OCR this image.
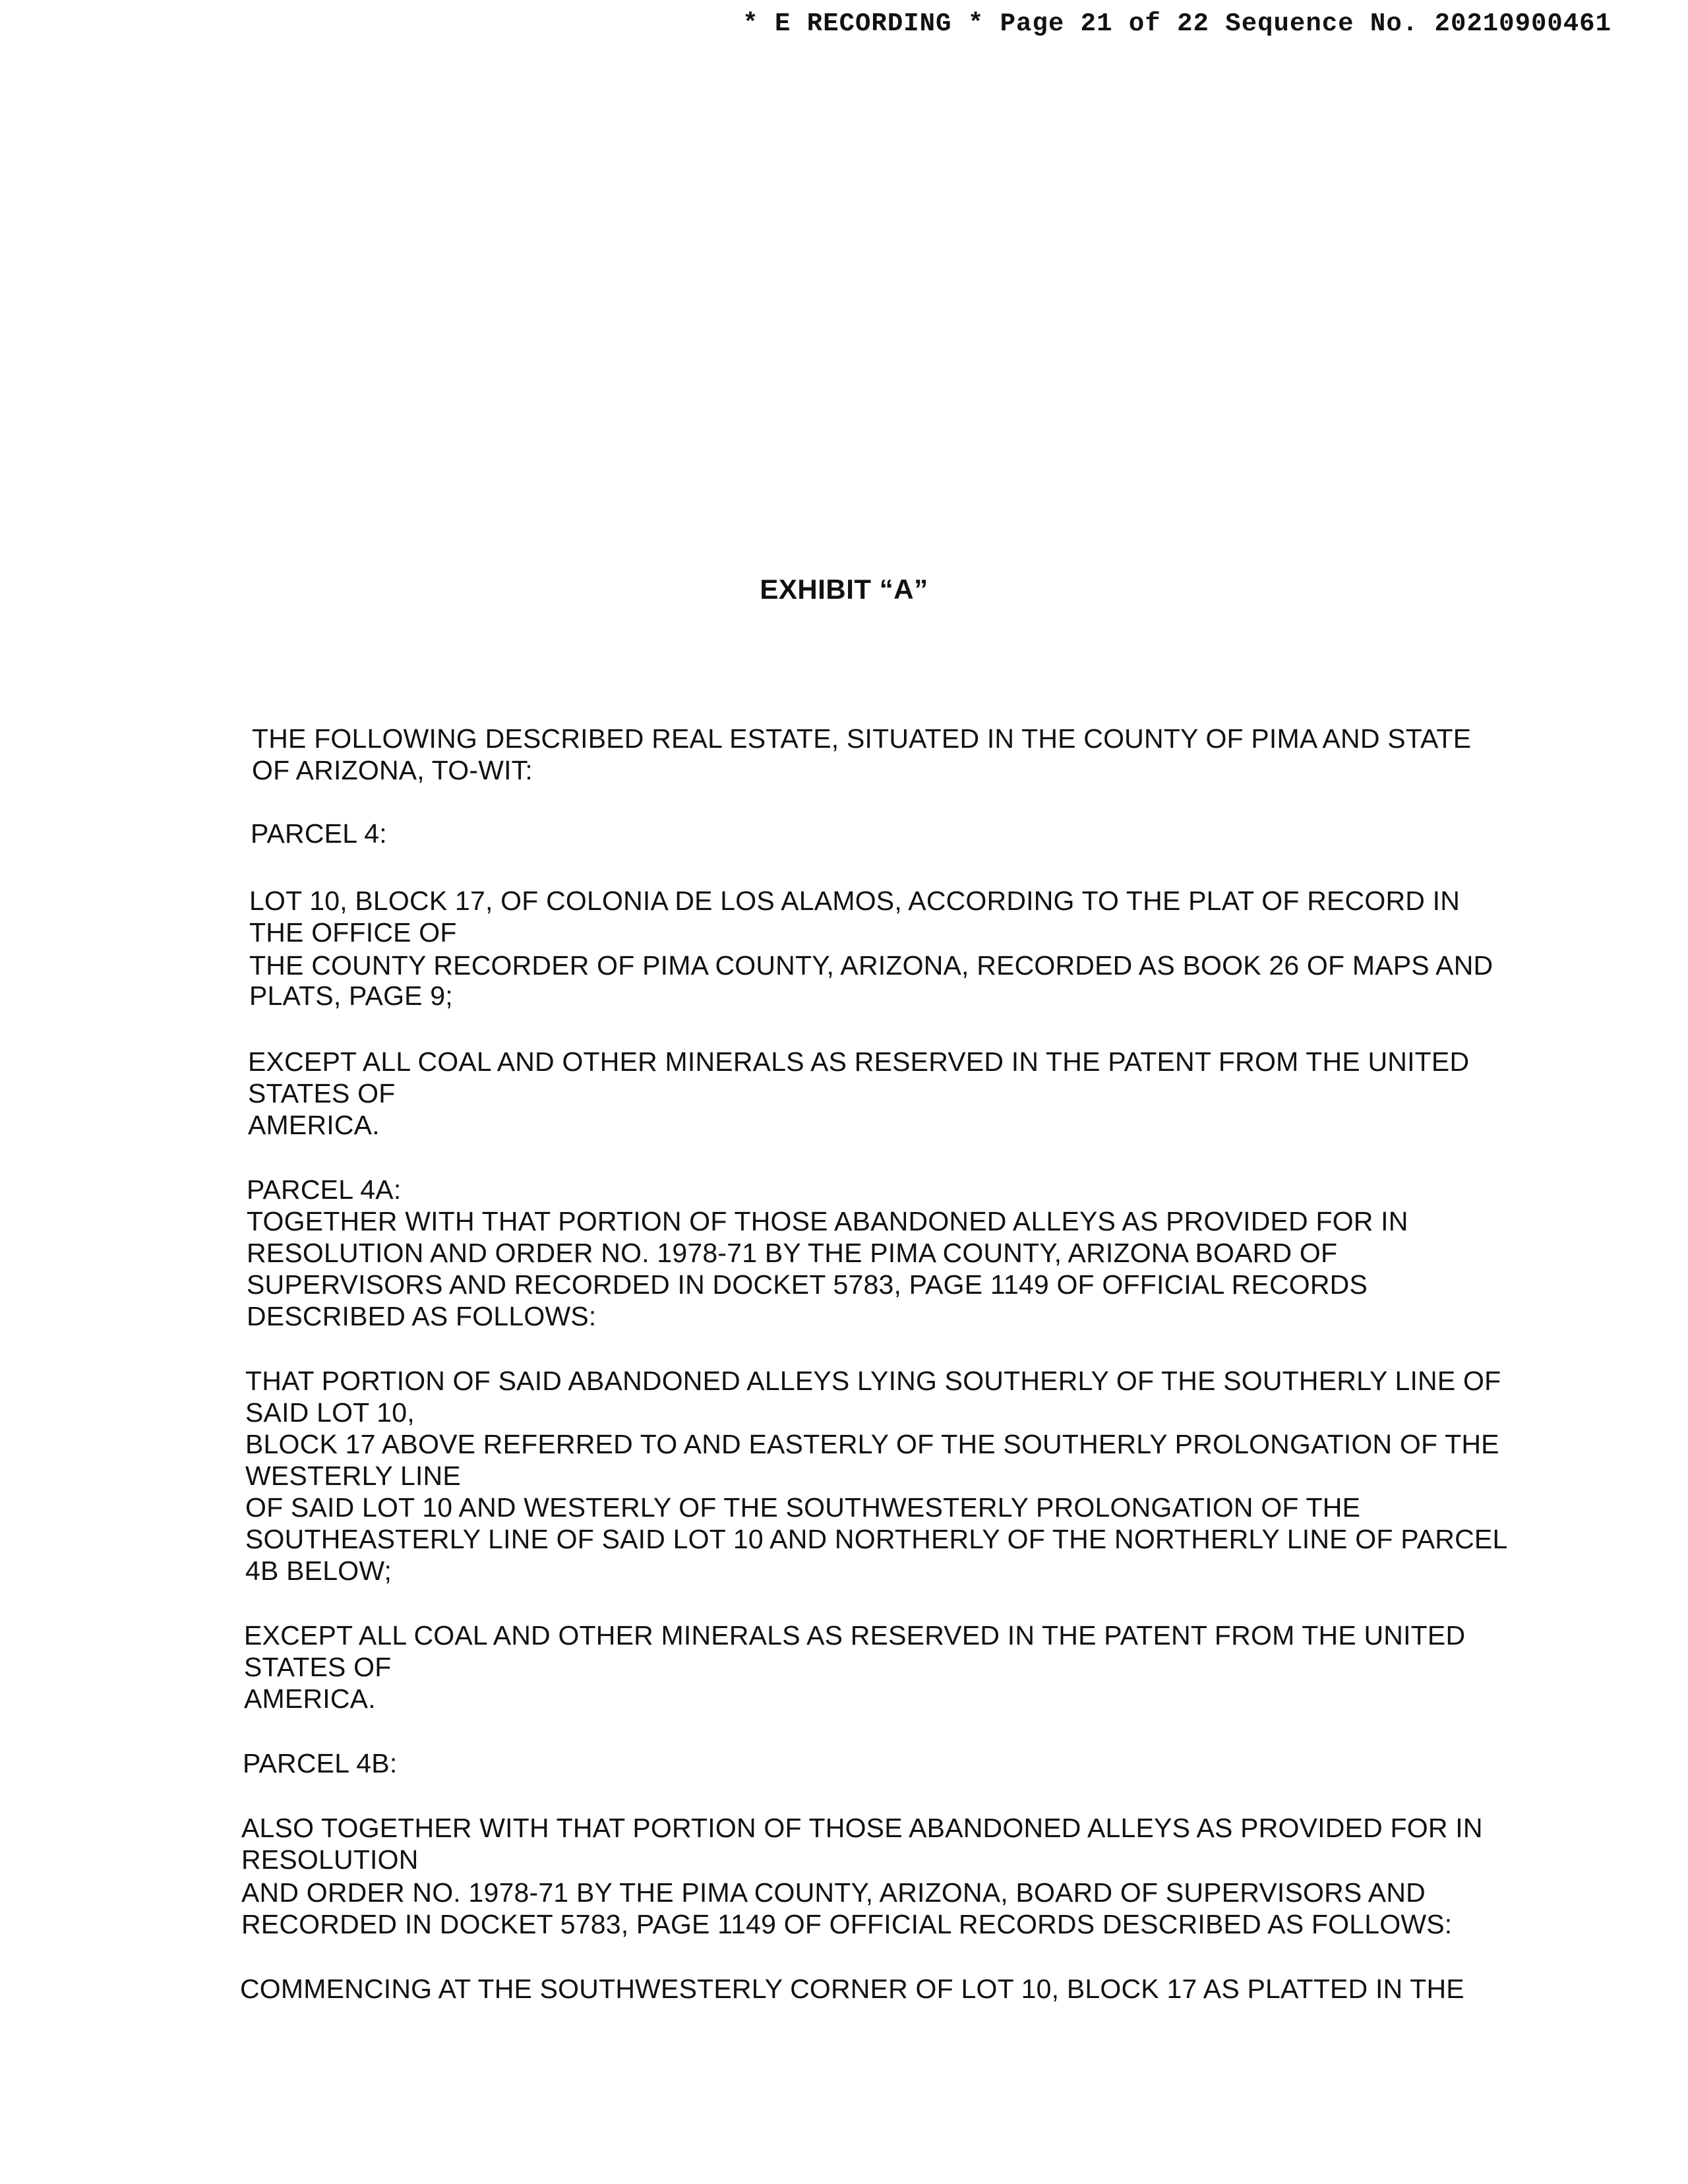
* E RECORDING * Page 21 of 22 Sequence No. 20210900461
EXHIBIT “A”
THE FOLLOWING DESCRIBED REAL ESTATE, SITUATED IN THE COUNTY OF PIMA AND STATE
OF ARIZONA, TO-WIT:
PARCEL 4:
LOT 10, BLOCK 17, OF COLONIA DE LOS ALAMOS, ACCORDING TO THE PLAT OF RECORD IN
THE OFFICE OF
THE COUNTY RECORDER OF PIMA COUNTY, ARIZONA, RECORDED AS BOOK 26 OF MAPS AND
PLATS, PAGE 9;
EXCEPT ALL COAL AND OTHER MINERALS AS RESERVED IN THE PATENT FROM THE UNITED
STATES OF
AMERICA.
PARCEL 4A:
TOGETHER WITH THAT PORTION OF THOSE ABANDONED ALLEYS AS PROVIDED FOR IN
RESOLUTION AND ORDER NO. 1978-71 BY THE PIMA COUNTY, ARIZONA BOARD OF
SUPERVISORS AND RECORDED IN DOCKET 5783, PAGE 1149 OF OFFICIAL RECORDS
DESCRIBED AS FOLLOWS:
THAT PORTION OF SAID ABANDONED ALLEYS LYING SOUTHERLY OF THE SOUTHERLY LINE OF
SAID LOT 10,
BLOCK 17 ABOVE REFERRED TO AND EASTERLY OF THE SOUTHERLY PROLONGATION OF THE
WESTERLY LINE
OF SAID LOT 10 AND WESTERLY OF THE SOUTHWESTERLY PROLONGATION OF THE
SOUTHEASTERLY LINE OF SAID LOT 10 AND NORTHERLY OF THE NORTHERLY LINE OF PARCEL
4B BELOW;
EXCEPT ALL COAL AND OTHER MINERALS AS RESERVED IN THE PATENT FROM THE UNITED
STATES OF
AMERICA.
PARCEL 4B:
ALSO TOGETHER WITH THAT PORTION OF THOSE ABANDONED ALLEYS AS PROVIDED FOR IN
RESOLUTION
AND ORDER NO. 1978-71 BY THE PIMA COUNTY, ARIZONA, BOARD OF SUPERVISORS AND
RECORDED IN DOCKET 5783, PAGE 1149 OF OFFICIAL RECORDS DESCRIBED AS FOLLOWS:
COMMENCING AT THE SOUTHWESTERLY CORNER OF LOT 10, BLOCK 17 AS PLATTED IN THE
